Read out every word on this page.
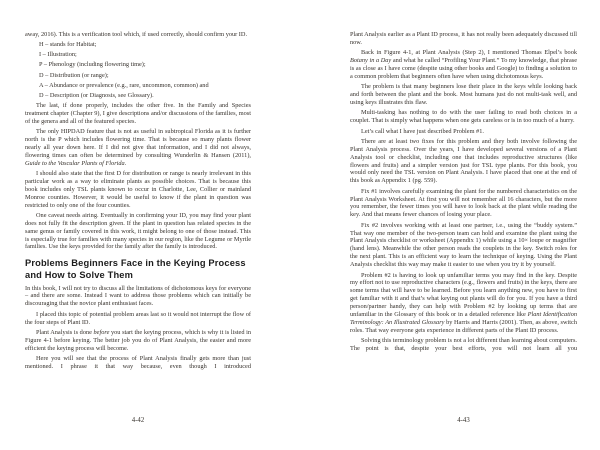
away, 2016). This is a verification tool which, if used correctly, should confirm your ID.

H – stands for Habitat;

I – Illustration;

P – Phenology (including flowering time);

D – Distribution (or range);

A – Abundance or prevalence (e.g., rare, uncommon, common) and

D – Description (or Diagnosis, see Glossary).

The last, if done properly, includes the other five. In the Family and Species treatment chapter (Chapter 9), I give descriptions and/or discussions of the families, most of the genera and all of the featured species.

The only HIPDAD feature that is not as useful in subtropical Florida as it is further north is the P which includes flowering time. That is because so many plants flower nearly all year down here. If I did not give that information, and I did not always, flowering times can often be determined by consulting Wunderlin & Hansen (2011), Guide to the Vascular Plants of Florida.

I should also state that the first D for distribution or range is nearly irrelevant in this particular work as a way to eliminate plants as possible choices. That is because this book includes only TSL plants known to occur in Charlotte, Lee, Collier or mainland Monroe counties. However, it would be useful to know if the plant in question was restricted to only one of the four counties.

One caveat needs airing. Eventually in confirming your ID, you may find your plant does not fully fit the description given. If the plant in question has related species in the same genus or family covered in this work, it might belong to one of those instead. This is especially true for families with many species in our region, like the Legume or Myrtle families. Use the keys provided for the family after the family is introduced.

Problems Beginners Face in the Keying Process
and How to Solve Them

In this book, I will not try to discuss all the limitations of dichotomous keys for everyone – and there are some. Instead I want to address those problems which can initially be discouraging that the novice plant enthusiast faces.

I placed this topic of potential problem areas last so it would not interrupt the flow of the four steps of Plant ID.

Plant Analysis is done before you start the keying process, which is why it is listed in Figure 4-1 before keying. The better job you do of Plant Analysis, the easier and more efficient the keying process will become.

Here you will see that the process of Plant Analysis finally gets more than just mentioned. I phrase it that way because, even though I introduced

Plant Analysis earlier as a Plant ID process, it has not really been adequately discussed till now.

Back in Figure 4-1, at Plant Analysis (Step 2), I mentioned Thomas Elpel’s book Botany in a Day and what he called “Profiling Your Plant.” To my knowledge, that phrase is as close as I have come (despite using other books and Google) to finding a solution to a common problem that beginners often have when using dichotomous keys.

The problem is that many beginners lose their place in the keys while looking back and forth between the plant and the book. Most humans just do not multi-task well, and using keys illustrates this flaw.

Multi-tasking has nothing to do with the user failing to read both choices in a couplet. That is simply what happens when one gets careless or is in too much of a hurry.

Let’s call what I have just described Problem #1.

There are at least two fixes for this problem and they both involve following the Plant Analysis process. Over the years, I have developed several versions of a Plant Analysis tool or checklist, including one that includes reproductive structures (like flowers and fruits) and a simpler version just for TSL type plants. For this book, you would only need the TSL version on Plant Analysis. I have placed that one at the end of this book as Appendix 1 (pg. 559).

Fix #1 involves carefully examining the plant for the numbered characteristics on the Plant Analysis Worksheet. At first you will not remember all 16 characters, but the more you remember, the fewer times you will have to look back at the plant while reading the key. And that means fewer chances of losing your place.

Fix #2 involves working with at least one partner, i.e., using the “buddy system.” That way one member of the two-person team can hold and examine the plant using the Plant Analysis checklist or worksheet (Appendix 1) while using a 10× loupe or magnifier (hand lens). Meanwhile the other person reads the couplets in the key. Switch roles for the next plant. This is an efficient way to learn the technique of keying. Using the Plant Analysis checklist this way may make it easier to use when you try it by yourself.

Problem #2 is having to look up unfamiliar terms you may find in the key. Despite my effort not to use reproductive characters (e.g., flowers and fruits) in the keys, there are some terms that will have to be learned. Before you learn anything new, you have to first get familiar with it and that’s what keying out plants will do for you. If you have a third person/partner handy, they can help with Problem #2 by looking up terms that are unfamiliar in the Glossary of this book or in a detailed reference like Plant Identification Terminology: An Illustrated Glossary by Harris and Harris (2001). Then, as above, switch roles. That way everyone gets experience in different parts of the Plant ID process.

Solving this terminology problem is not a lot different than learning about computers. The point is that, despite your best efforts, you will not learn all you

4-42	4-43
